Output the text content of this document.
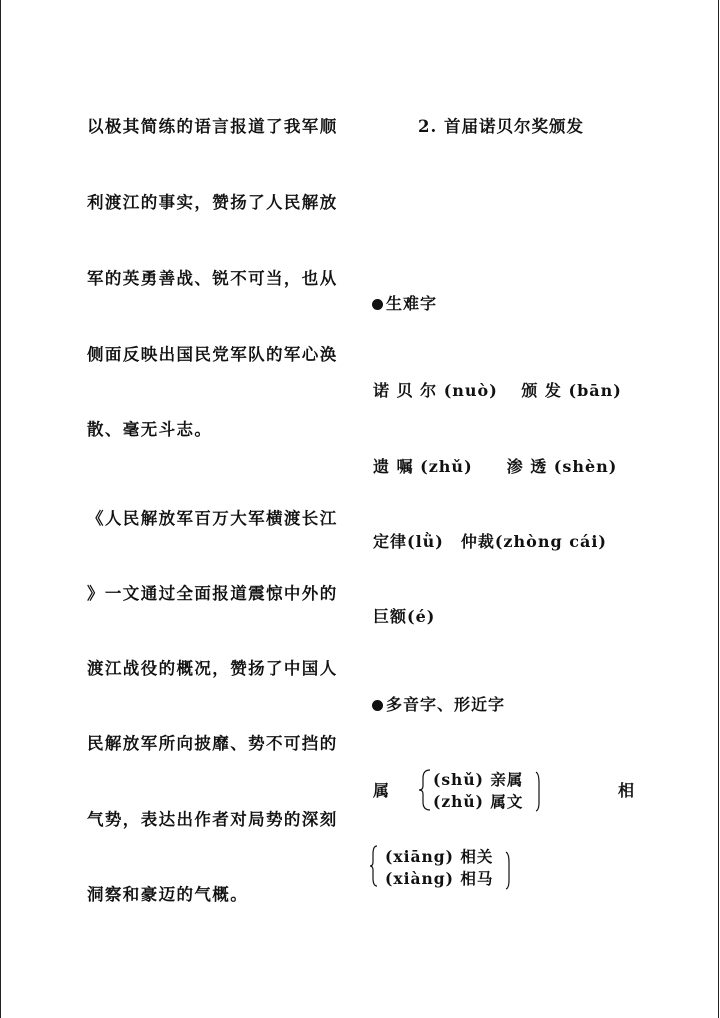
以极其简练的语言报道了我军顺
利渡江的事实，赞扬了人民解放
军的英勇善战、锐不可当，也从
侧面反映出国民党军队的军心涣
散、毫无斗志。
《人民解放军百万大军横渡长江
》一文通过全面报道震惊中外的
渡江战役的概况，赞扬了中国人
民解放军所向披靡、势不可挡的
气势，表达出作者对局势的深刻
洞察和豪迈的气概。
2. 首届诺贝尔奖颁发
生难字
诺 贝 尔 (nuò)　 颁 发 (bān)
遗 嘱 (zhǔ)　　渗 透 (shèn)
定律(lǜ)　仲裁(zhòng cái)
巨额(é)
多音字、形近字
属
(shǔ) 亲属
(zhǔ) 属文
相
(xiāng) 相关
(xiàng) 相马
